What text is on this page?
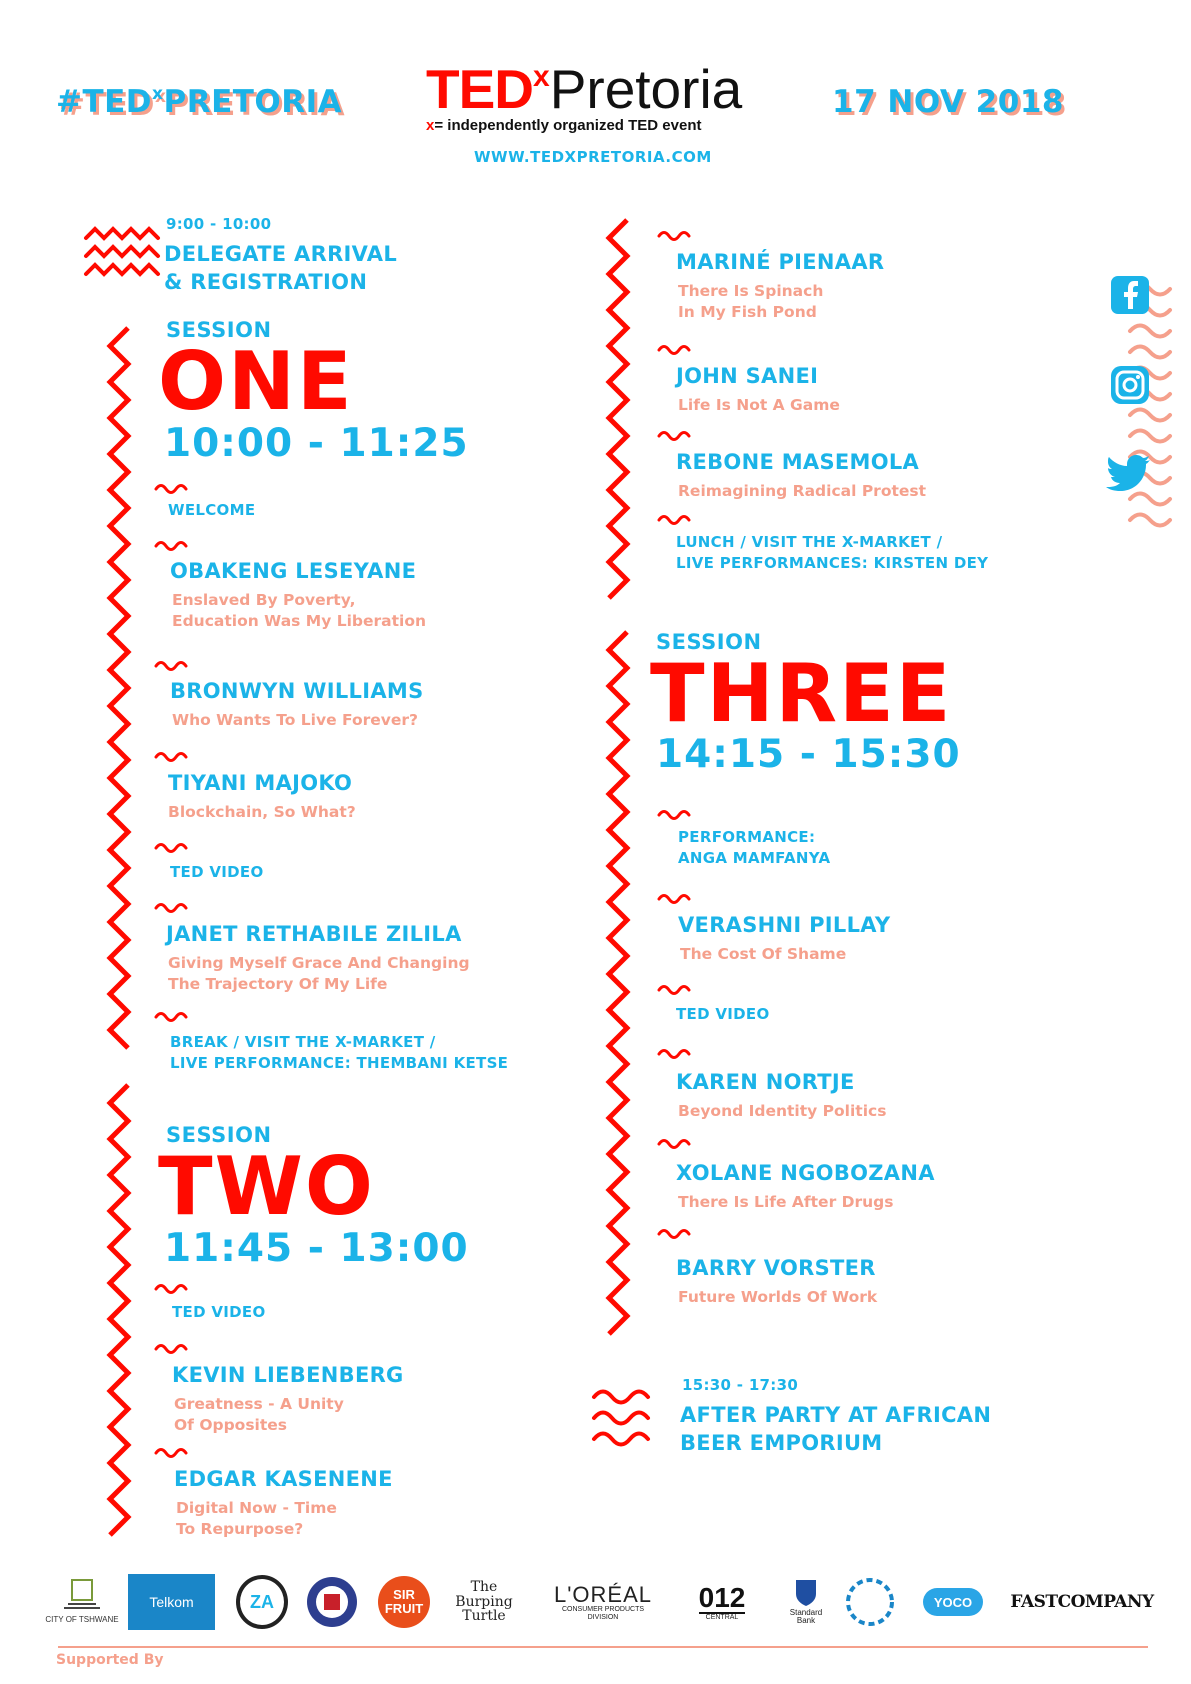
#TED$^x$PRETORIA TED$^x$Pretoria
x= independently organized TED event
WWW.TEDXPRETORIA.COM
17 NOV 2018
9:00 - 10:00
DELEGATE ARRIVAL
& REGISTRATION
SESSION
ONE
10:00 - 11:25
WELCOME
OBAKENG LESEYANE
Enslaved By Poverty,
Education Was My Liberation
BRONWYN WILLIAMS
Who Wants To Live Forever?
TIYANI MAJOKO
Blockchain, So What?
TED VIDEO
JANET RETHABILE ZILILA
Giving Myself Grace And Changing
The Trajectory Of My Life
BREAK / VISIT THE X-MARKET /
LIVE PERFORMANCE: THEMBANI KETSE
SESSION
TWO
11:45 - 13:00
TED VIDEO
KEVIN LIEBENBERG
Greatness - A Unity
Of Opposites
EDGAR KASENENE
Digital Now - Time
To Repurpose?
MARINÉ PIENAAR
There Is Spinach
In My Fish Pond
JOHN SANEI
Life Is Not A Game
REBONE MASEMOLA
Reimagining Radical Protest
LUNCH / VISIT THE X-MARKET /
LIVE PERFORMANCES: KIRSTEN DEY
SESSION
THREE
14:15 - 15:30
PERFORMANCE:
ANGA MAMFANYA
VERASHNI PILLAY
The Cost Of Shame
TED VIDEO
KAREN NORTJE
Beyond Identity Politics
XOLANE NGOBOZANA
There Is Life After Drugs
BARRY VORSTER
Future Worlds Of Work
15:30 - 17:30
AFTER PARTY AT AFRICAN
BEER EMPORIUM
CITY OF TSHWANE
Telkom	ZA	SIR
FRUIT
The Burping
Turtle
L'ORÉAL
CONSUMER PRODUCTS DIVISION
012
CENTRAL
Standard Bank
YOCO	FASTCOMPANY
Supported By
